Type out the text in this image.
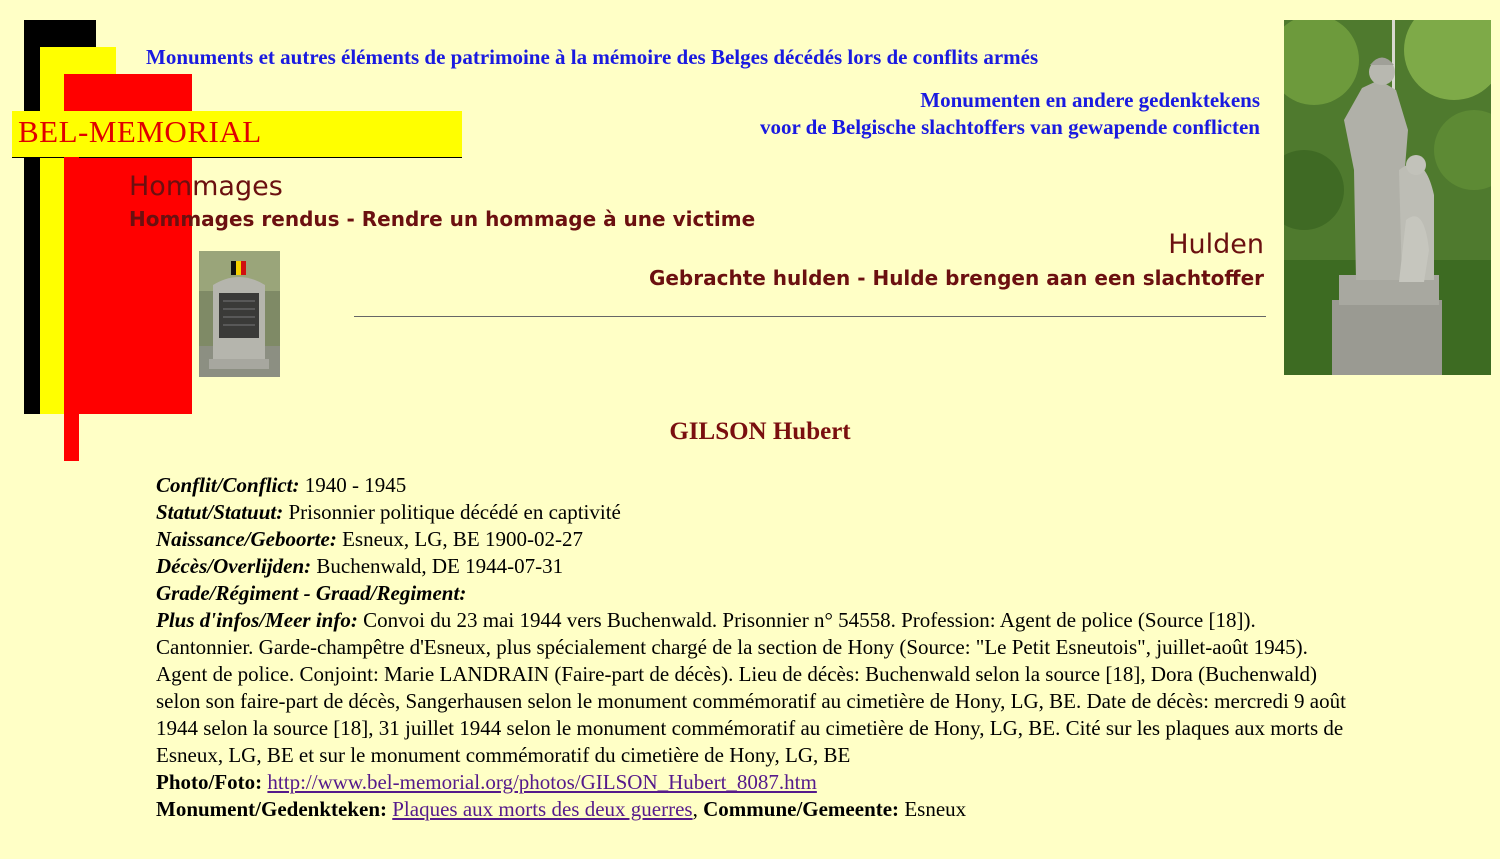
BEL-MEMORIAL
Monuments et autres éléments de patrimoine à la mémoire des Belges décédés lors de conflits armés
Monumenten en andere gedenktekens
voor de Belgische slachtoffers van gewapende conflicten
Hommages
Hommages rendus - Rendre un hommage à une victime
Hulden
Gebrachte hulden - Hulde brengen aan een slachtoffer
GILSON Hubert
Conflit/Conflict: 1940 - 1945
Statut/Statuut: Prisonnier politique décédé en captivité
Naissance/Geboorte: Esneux, LG, BE 1900-02-27
Décès/Overlijden: Buchenwald, DE 1944-07-31
Grade/Régiment - Graad/Regiment:
Plus d'infos/Meer info: Convoi du 23 mai 1944 vers Buchenwald. Prisonnier n° 54558. Profession: Agent de police (Source [18]). Cantonnier. Garde-champêtre d'Esneux, plus spécialement chargé de la section de Hony (Source: "Le Petit Esneutois", juillet-août 1945). Agent de police. Conjoint: Marie LANDRAIN (Faire-part de décès). Lieu de décès: Buchenwald selon la source [18], Dora (Buchenwald) selon son faire-part de décès, Sangerhausen selon le monument commémoratif au cimetière de Hony, LG, BE. Date de décès: mercredi 9 août 1944 selon la source [18], 31 juillet 1944 selon le monument commémoratif au cimetière de Hony, LG, BE. Cité sur les plaques aux morts de Esneux, LG, BE et sur le monument commémoratif du cimetière de Hony, LG, BE
Photo/Foto: http://www.bel-memorial.org/photos/GILSON_Hubert_8087.htm
Monument/Gedenkteken: Plaques aux morts des deux guerres, Commune/Gemeente: Esneux
